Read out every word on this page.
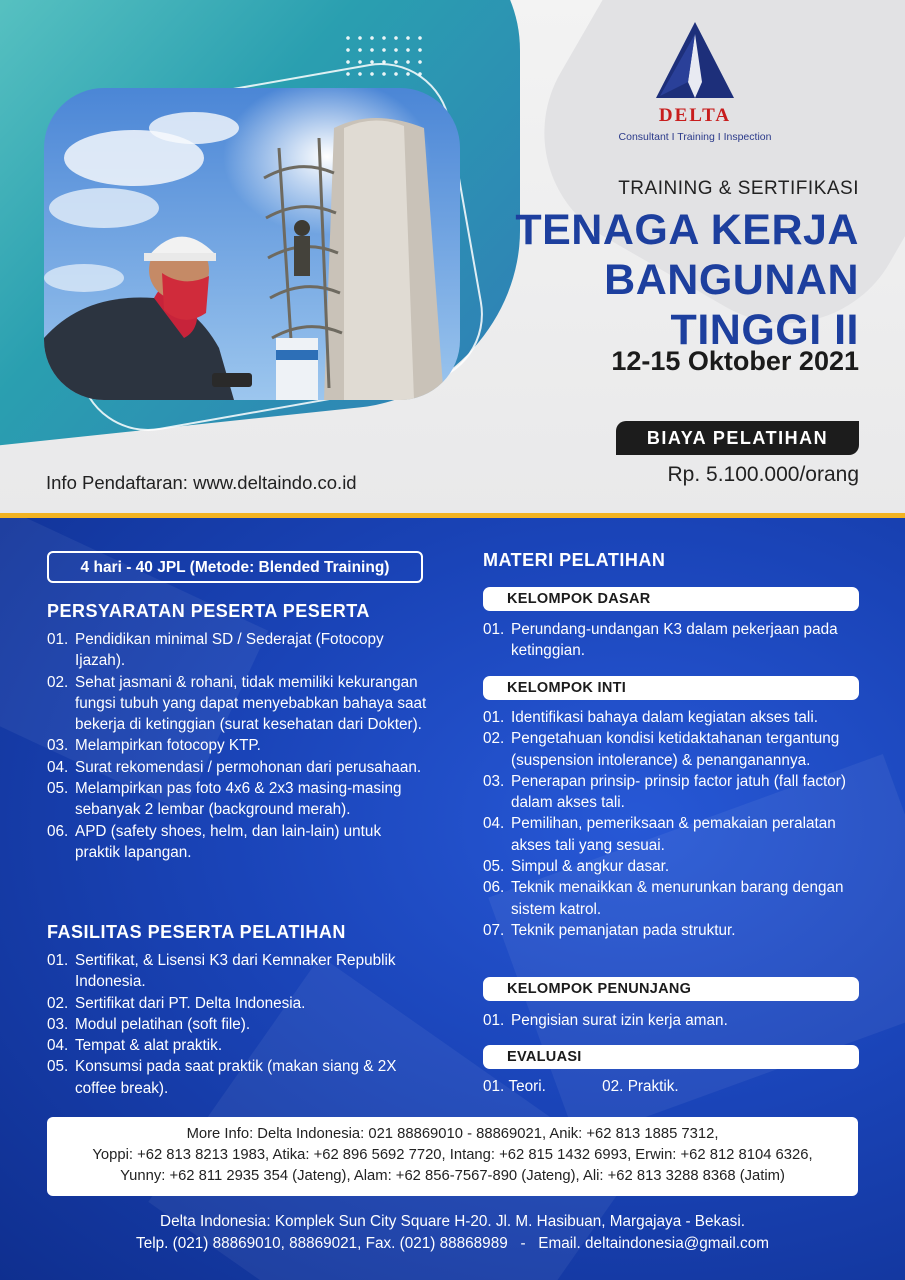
DELTA
Consultant I Training I Inspection
TRAINING & SERTIFIKASI
TENAGA KERJA
BANGUNAN
TINGGI II
12-15 Oktober 2021
BIAYA PELATIHAN
Rp. 5.100.000/orang
Info Pendaftaran: www.deltaindo.co.id
4 hari - 40 JPL (Metode: Blended Training)
PERSYARATAN PESERTA PESERTA
01. Pendidikan minimal SD / Sederajat (Fotocopy Ijazah).
02. Sehat jasmani & rohani, tidak memiliki kekurangan fungsi tubuh yang dapat menyebabkan bahaya saat bekerja di ketinggian (surat kesehatan dari Dokter).
03. Melampirkan fotocopy KTP.
04. Surat rekomendasi / permohonan dari perusahaan.
05. Melampirkan pas foto 4x6 & 2x3 masing-masing sebanyak 2 lembar (background merah).
06. APD (safety shoes, helm, dan lain-lain) untuk praktik lapangan.
FASILITAS PESERTA PELATIHAN
01. Sertifikat, & Lisensi K3 dari Kemnaker Republik Indonesia.
02. Sertifikat dari PT. Delta Indonesia.
03. Modul pelatihan (soft file).
04. Tempat & alat praktik.
05. Konsumsi pada saat praktik (makan siang & 2X coffee break).
MATERI PELATIHAN
KELOMPOK DASAR
01. Perundang-undangan K3 dalam pekerjaan pada ketinggian.
KELOMPOK INTI
01. Identifikasi bahaya dalam kegiatan akses tali.
02. Pengetahuan kondisi ketidaktahanan tergantung (suspension intolerance) & penanganannya.
03. Penerapan prinsip- prinsip factor jatuh (fall factor) dalam akses tali.
04. Pemilihan, pemeriksaan & pemakaian peralatan akses tali yang sesuai.
05. Simpul & angkur dasar.
06. Teknik menaikkan & menurunkan barang dengan sistem katrol.
07. Teknik pemanjatan pada struktur.
KELOMPOK PENUNJANG
01. Pengisian surat izin kerja aman.
EVALUASI
01. Teori.	02. Praktik.
More Info: Delta Indonesia: 021 88869010 - 88869021, Anik: +62 813 1885 7312,
Yoppi: +62 813 8213 1983, Atika: +62 896 5692 7720, Intang: +62 815 1432 6993, Erwin: +62 812 8104 6326,
Yunny: +62 811 2935 354 (Jateng), Alam: +62 856-7567-890 (Jateng), Ali: +62 813 3288 8368 (Jatim)
Delta Indonesia: Komplek Sun City Square H-20. Jl. M. Hasibuan, Margajaya - Bekasi.
Telp. (021) 88869010, 88869021, Fax. (021) 88868989   -   Email. deltaindonesia@gmail.com
